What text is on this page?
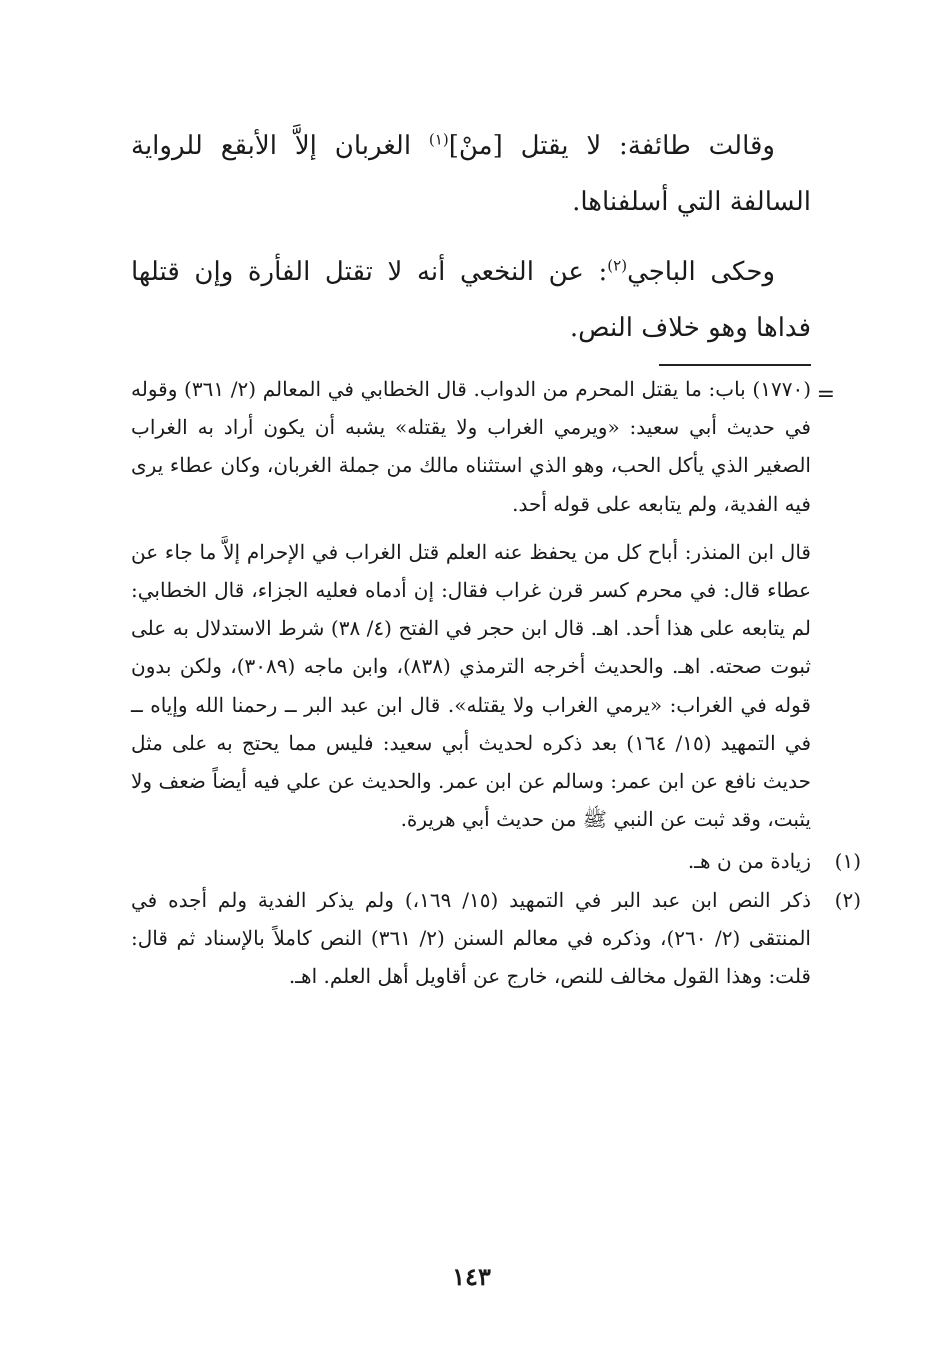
وقالت طائفة: لا يقتل [منْ]$^{(١)}$ الغربان إلاَّ الأبقع للرواية السالفة التي أسلفناها.

وحكى الباجي$^{(٢)}$: عن النخعي أنه لا تقتل الفأرة وإن قتلها فداها وهو خلاف النص.

=

(١٧٧٠) باب: ما يقتل المحرم من الدواب. قال الخطابي في المعالم (٢/ ٣٦١) وقوله في حديث أبي سعيد: «ويرمي الغراب ولا يقتله» يشبه أن يكون أراد به الغراب الصغير الذي يأكل الحب، وهو الذي استثناه مالك من جملة الغربان، وكان عطاء يرى فيه الفدية، ولم يتابعه على قوله أحد.

قال ابن المنذر: أباح كل من يحفظ عنه العلم قتل الغراب في الإحرام إلاَّ ما جاء عن عطاء قال: في محرم كسر قرن غراب فقال: إن أدماه فعليه الجزاء، قال الخطابي: لم يتابعه على هذا أحد. اهـ. قال ابن حجر في الفتح (٤/ ٣٨) شرط الاستدلال به على ثبوت صحته. اهـ. والحديث أخرجه الترمذي (٨٣٨)، وابن ماجه (٣٠٨٩)، ولكن بدون قوله في الغراب: «يرمي الغراب ولا يقتله». قال ابن عبد البر ــ رحمنا الله وإياه ــ في التمهيد (١٥/ ١٦٤) بعد ذكره لحديث أبي سعيد: فليس مما يحتج به على مثل حديث نافع عن ابن عمر: وسالم عن ابن عمر. والحديث عن علي فيه أيضاً ضعف ولا يثبت، وقد ثبت عن النبي ﷺ من حديث أبي هريرة.

(١)
زيادة من ن هـ.
(٢)
ذكر النص ابن عبد البر في التمهيد (١٥/ ١٦٩،) ولم يذكر الفدية ولم أجده في المنتقى (٢/ ٢٦٠)، وذكره في معالم السنن (٢/ ٣٦١) النص كاملاً بالإسناد ثم قال: قلت: وهذا القول مخالف للنص، خارج عن أقاويل أهل العلم. اهـ.
١٤٣
